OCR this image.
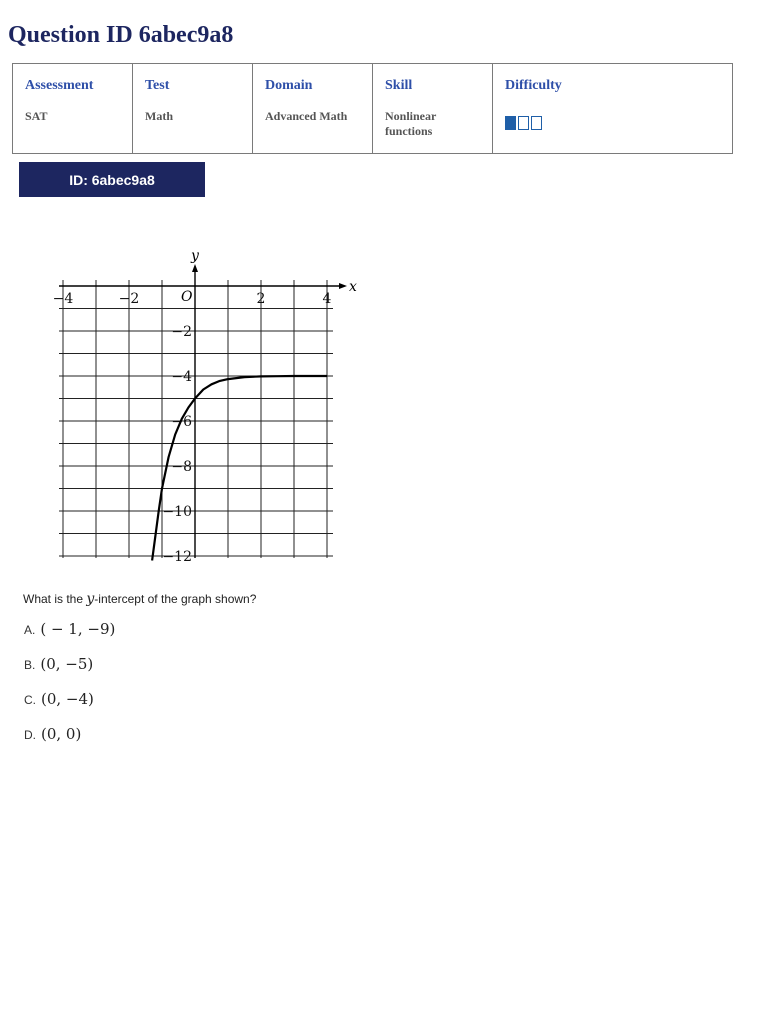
Question ID 6abec9a8
Assessment	Test	Domain	Skill	Difficulty
SAT	Math	Advanced Math	Nonlinear functions	
ID: 6abec9a8
x
y
O
−4	−2	2	4
−2
−4
−6
−8
−10
−12
What is the y-intercept of the graph shown?
A. ( − 1, −9)
B. (0, −5)
C. (0, −4)
D. (0, 0)
